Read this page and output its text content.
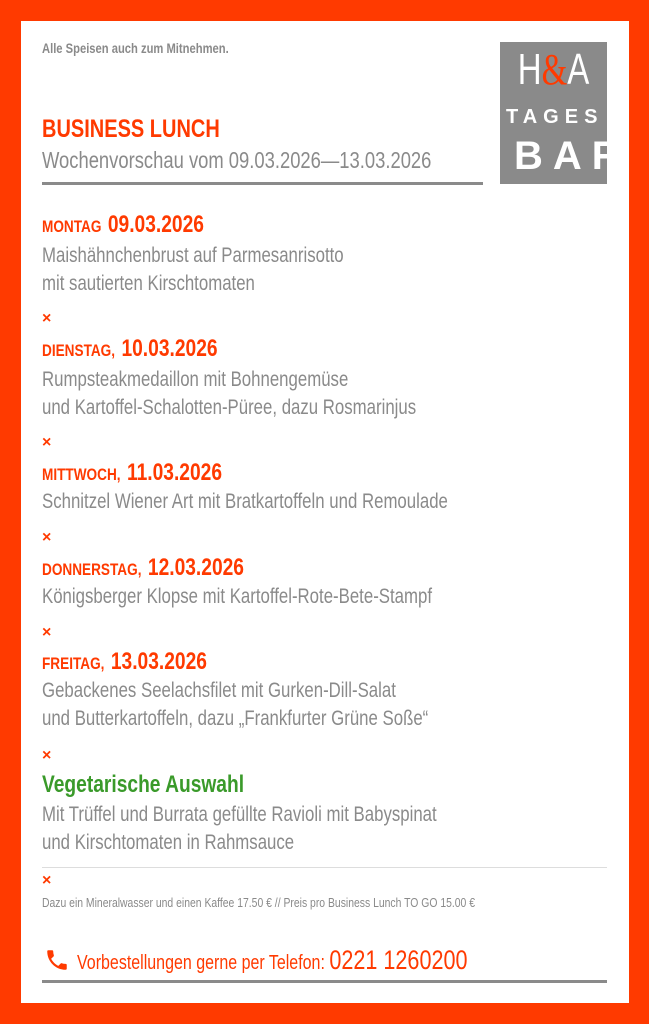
Alle Speisen auch zum Mitnehmen.	H&A
TAGES
BAR
BUSINESS LUNCH
Wochenvorschau vom 09.03.2026—13.03.2026
MONTAG 09.03.2026
Maishähnchenbrust auf Parmesanrisotto
mit sautierten Kirschtomaten
×
DIENSTAG, 10.03.2026
Rumpsteakmedaillon mit Bohnengemüse
und Kartoffel-Schalotten-Püree, dazu Rosmarinjus
×
MITTWOCH, 11.03.2026
Schnitzel Wiener Art mit Bratkartoffeln und Remoulade
×
DONNERSTAG, 12.03.2026
Königsberger Klopse mit Kartoffel-Rote-Bete-Stampf
×
FREITAG, 13.03.2026
Gebackenes Seelachsfilet mit Gurken-Dill-Salat
und Butterkartoffeln, dazu „Frankfurter Grüne Soße“
×
Vegetarische Auswahl
Mit Trüffel und Burrata gefüllte Ravioli mit Babyspinat
und Kirschtomaten in Rahmsauce
×
Dazu ein Mineralwasser und einen Kaffee 17.50 € // Preis pro Business Lunch TO GO 15.00 €
Vorbestellungen gerne per Telefon: 0221 1260200
